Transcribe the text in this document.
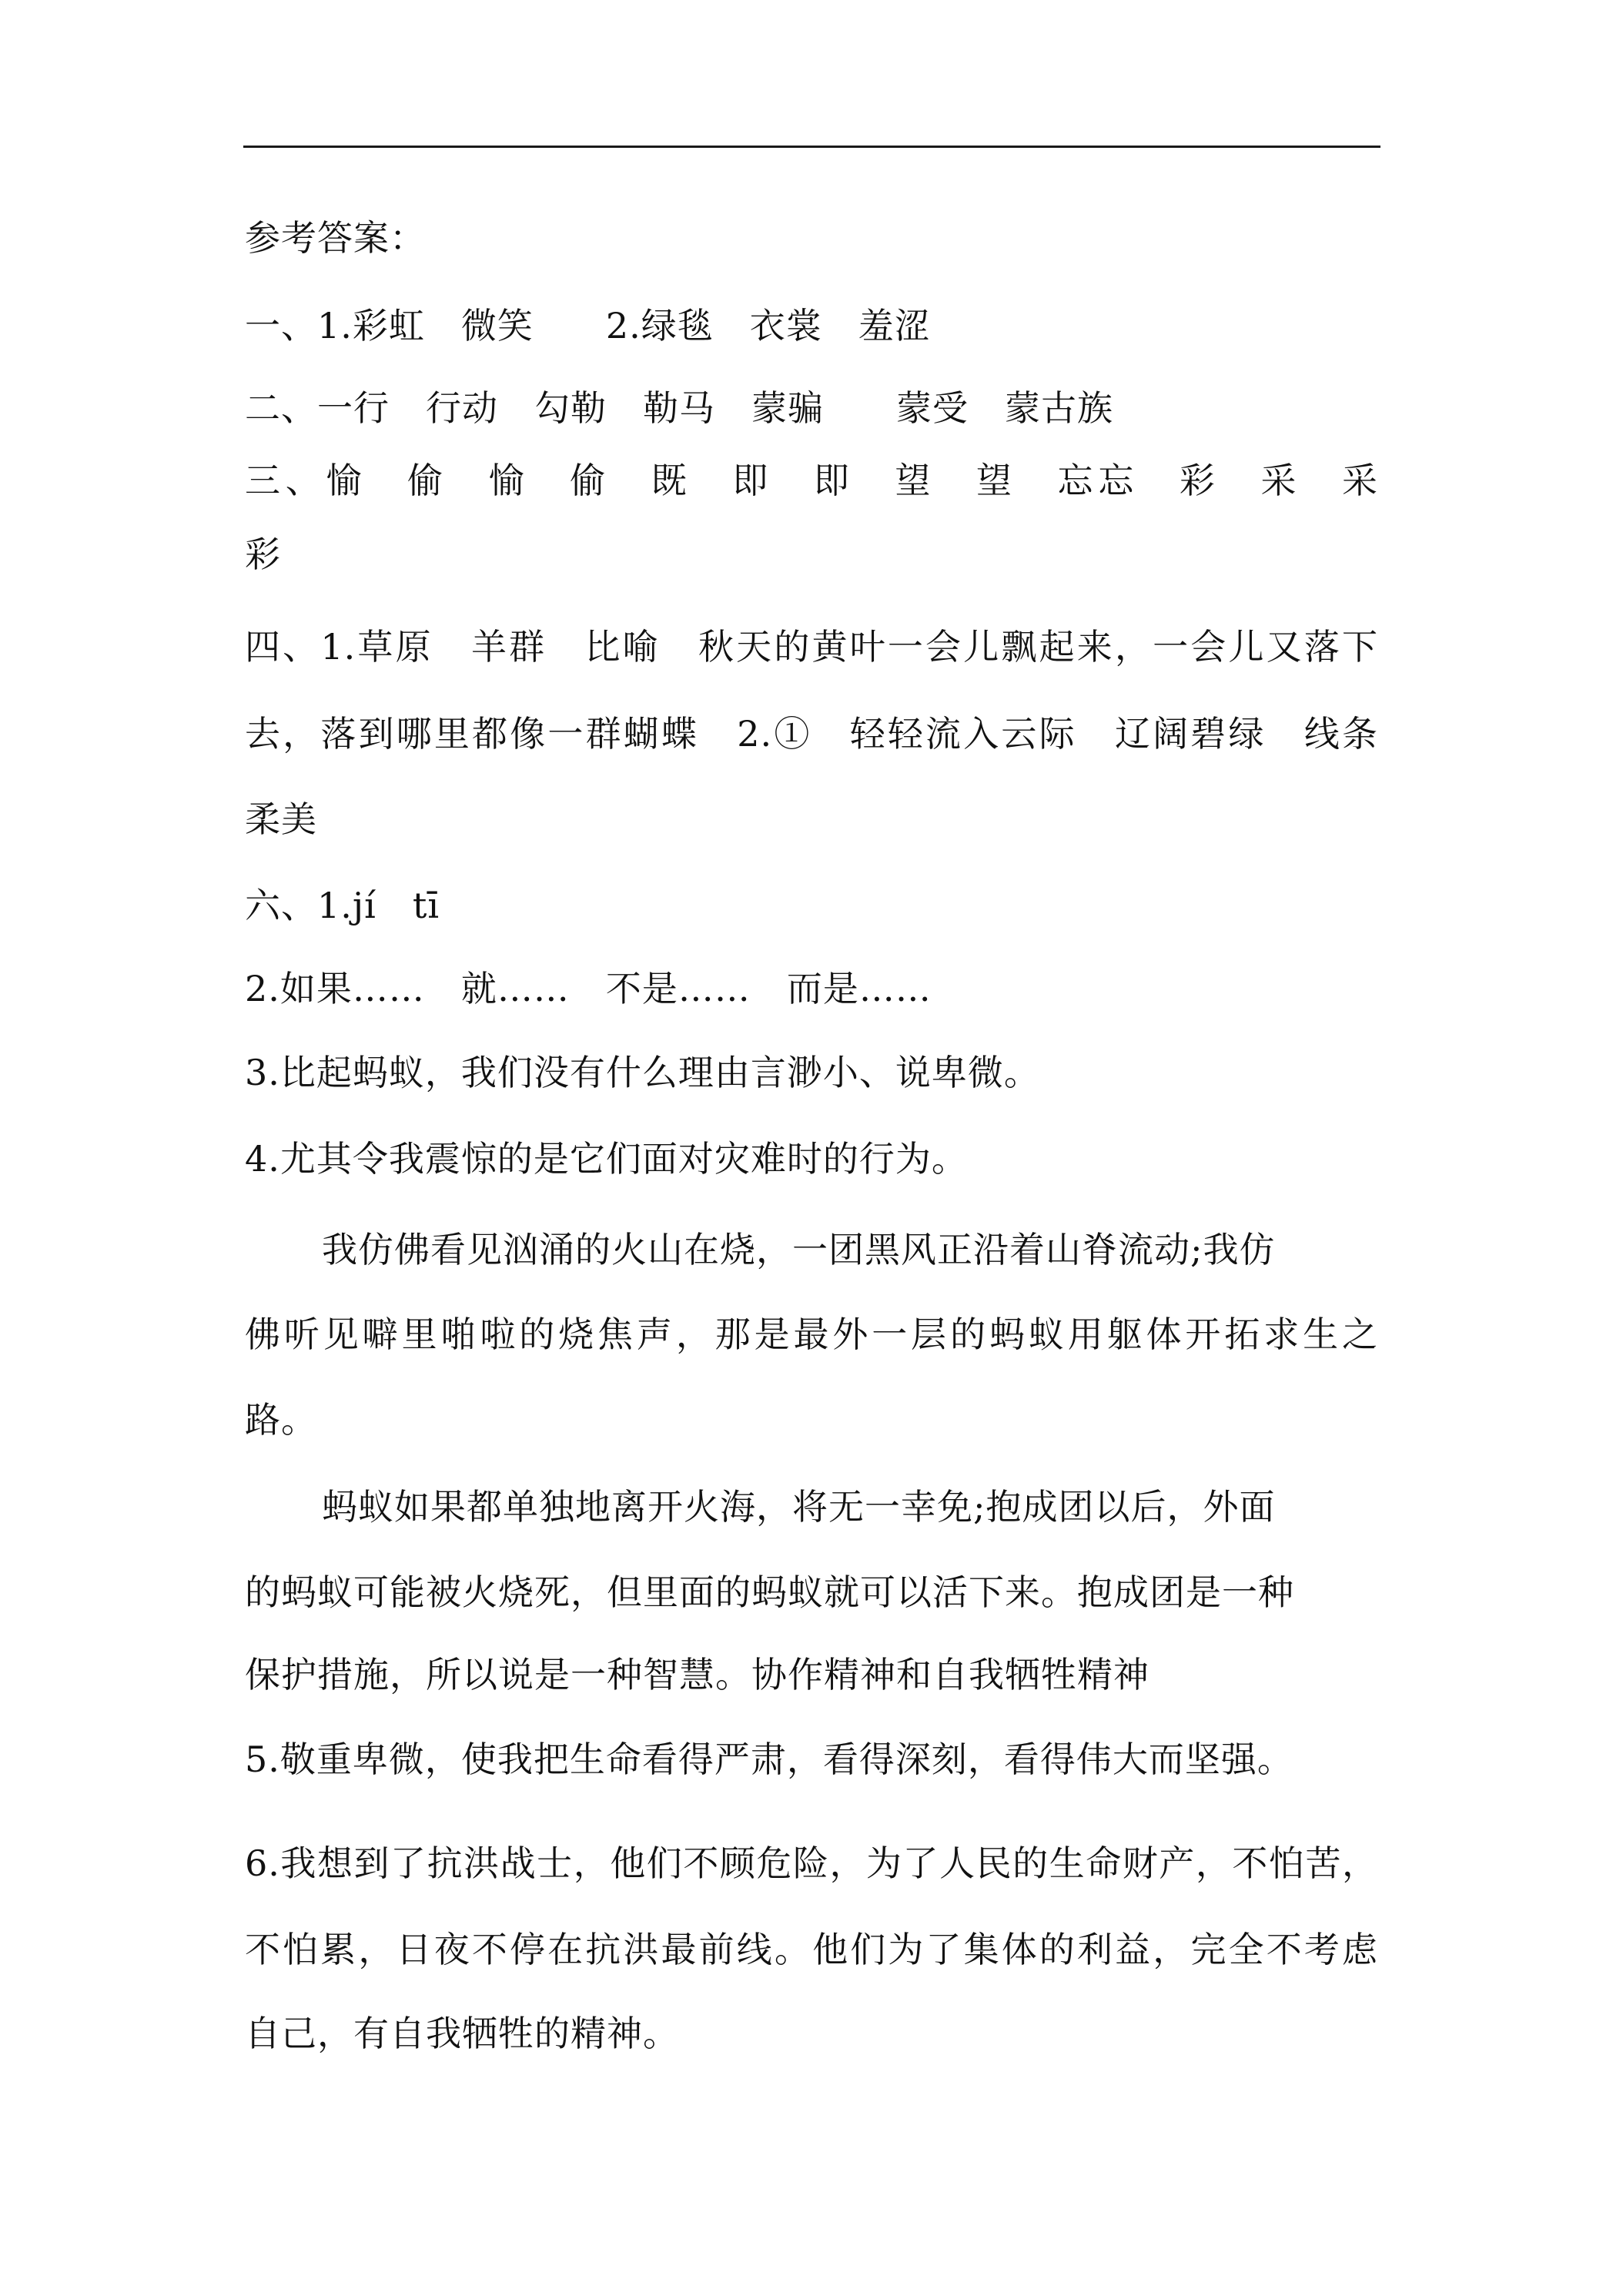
参考答案：
一、1.彩虹　微笑　　2.绿毯　衣裳　羞涩
二、一行　行动　勾勒　勒马　蒙骗　　蒙受　蒙古族
三、愉　偷　愉　偷　既　即　即　望　望　忘忘　彩　采　采
彩
四、1.草原　羊群　比喻　秋天的黄叶一会儿飘起来，一会儿又落下
去，落到哪里都像一群蝴蝶　2.①　轻轻流入云际　辽阔碧绿　线条
柔美
六、1.jí　tī
2.如果……　就……　不是……　而是……
3.比起蚂蚁，我们没有什么理由言渺小、说卑微。
4.尤其令我震惊的是它们面对灾难时的行为。
我仿佛看见汹涌的火山在烧，一团黑风正沿着山脊流动;我仿
佛听见噼里啪啦的烧焦声，那是最外一层的蚂蚁用躯体开拓求生之
路。
蚂蚁如果都单独地离开火海，将无一幸免;抱成团以后，外面
的蚂蚁可能被火烧死，但里面的蚂蚁就可以活下来。抱成团是一种
保护措施，所以说是一种智慧。协作精神和自我牺牲精神
5.敬重卑微，使我把生命看得严肃，看得深刻，看得伟大而坚强。
6.我想到了抗洪战士，他们不顾危险，为了人民的生命财产，不怕苦，
不怕累，日夜不停在抗洪最前线。他们为了集体的利益，完全不考虑
自己，有自我牺牲的精神。
